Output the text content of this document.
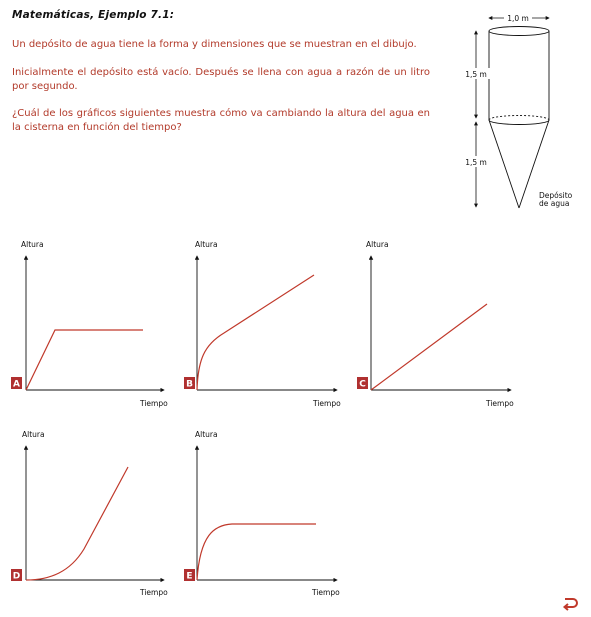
Matemáticas, Ejemplo 7.1:
Un depósito de agua tiene la forma y dimensiones que se muestran en el dibujo.
Inicialmente el depósito está vacío. Después se llena con agua a razón de un litro por segundo.
¿Cuál de los gráficos siguientes muestra cómo va cambiando la altura del agua en la cisterna en función del tiempo?
1,0 m
1,5 m
1,5 m
Depósito
de agua
Altura
Tiempo
A
Altura
Tiempo
B
Altura
Tiempo
C
Altura
Tiempo
D
Altura
Tiempo
E
